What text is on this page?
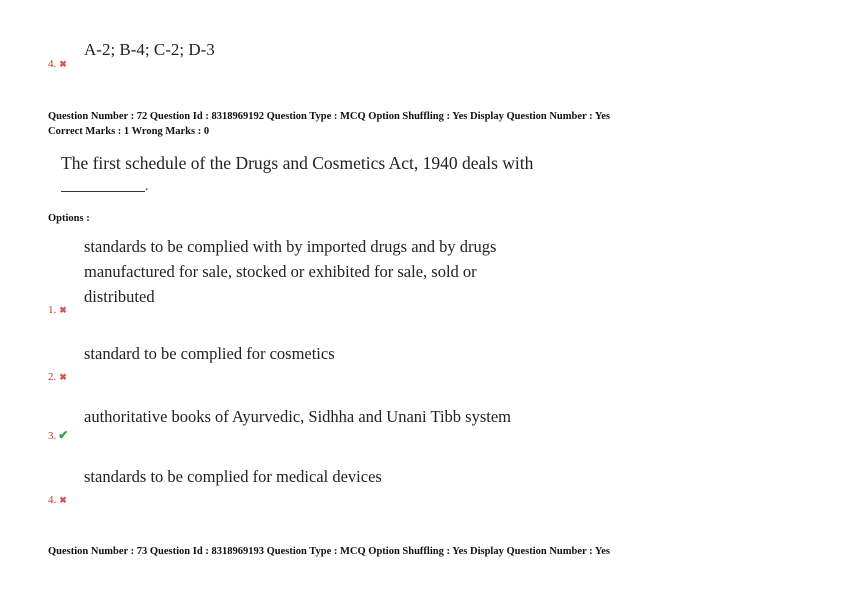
A-2; B-4; C-2; D-3
4. ✖
Question Number : 72 Question Id : 8318969192 Question Type : MCQ Option Shuffling : Yes Display Question Number : Yes
Correct Marks : 1 Wrong Marks : 0
The first schedule of the Drugs and Cosmetics Act, 1940 deals with
.
Options :
standards to be complied with by imported drugs and by drugs
manufactured for sale, stocked or exhibited for sale, sold or
distributed
1. ✖
standard to be complied for cosmetics
2. ✖
authoritative books of Ayurvedic, Sidhha and Unani Tibb system
3. ✔
standards to be complied for medical devices
4. ✖
Question Number : 73 Question Id : 8318969193 Question Type : MCQ Option Shuffling : Yes Display Question Number : Yes
